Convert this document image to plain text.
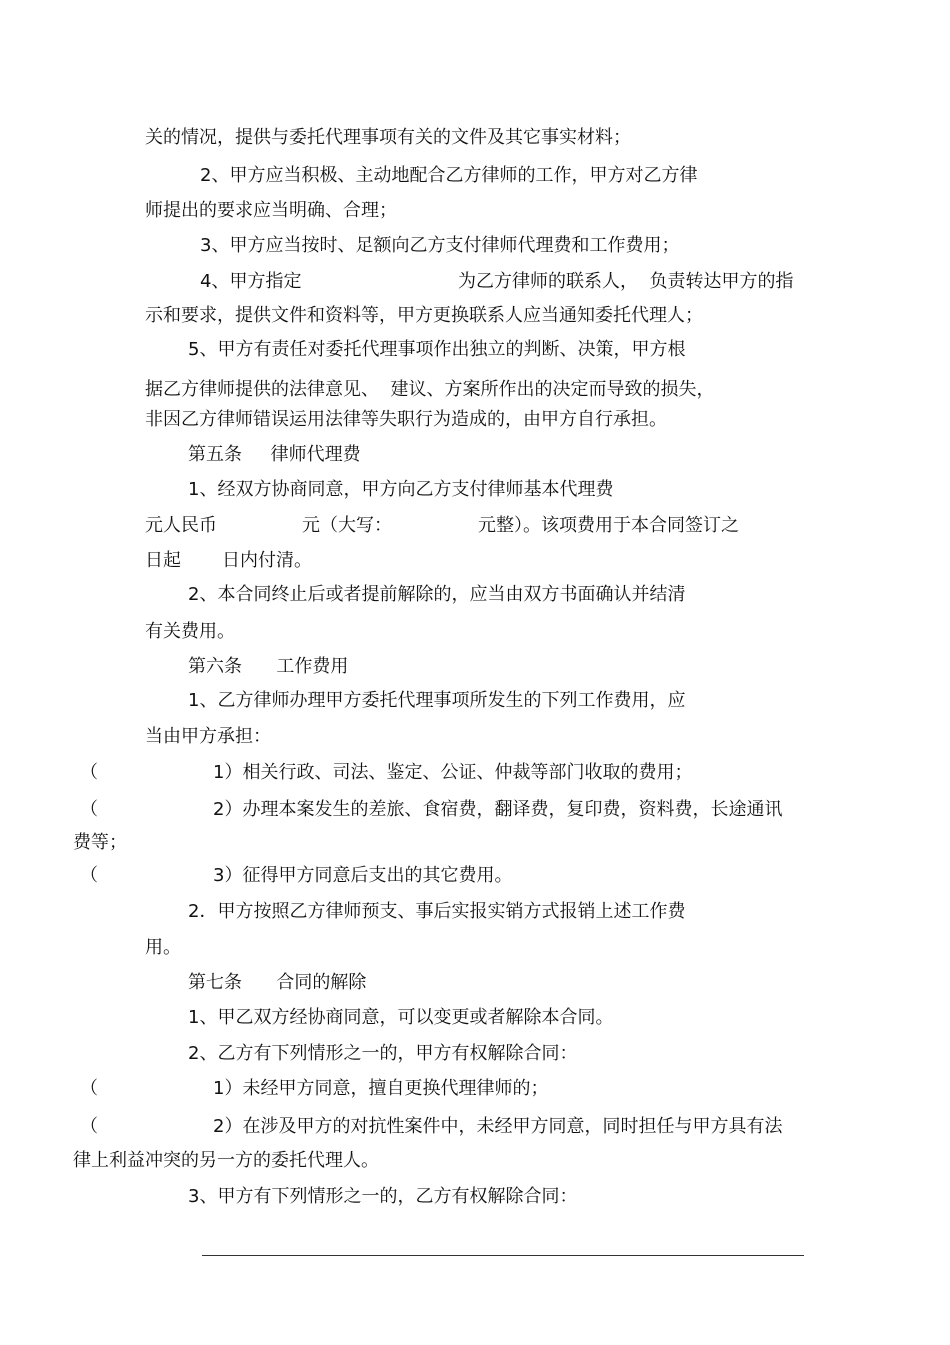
关的情况，提供与委托代理事项有关的文件及其它事实材料；

2、甲方应当积极、主动地配合乙方律师的工作，甲方对乙方律

师提出的要求应当明确、合理；

3、甲方应当按时、足额向乙方支付律师代理费和工作费用；

4、甲方指定	为乙方律师的联系人，  负责转达甲方的指

示和要求，提供文件和资料等，甲方更换联系人应当通知委托代理人；

5、甲方有责任对委托代理事项作出独立的判断、决策，甲方根

据乙方律师提供的法律意见、  建议、方案所作出的决定而导致的损失，

非因乙方律师错误运用法律等失职行为造成的，由甲方自行承担。

第五条     律师代理费

1、经双方协商同意，甲方向乙方支付律师基本代理费

元人民币	元（大写：	元整）。该项费用于本合同签订之

日起 日内付清。

2、本合同终止后或者提前解除的，应当由双方书面确认并结清

有关费用。

第六条      工作费用

1、乙方律师办理甲方委托代理事项所发生的下列工作费用，应

当由甲方承担：

（	1）相关行政、司法、鉴定、公证、仲裁等部门收取的费用；

（	2）办理本案发生的差旅、食宿费，翻译费，复印费，资料费，长途通讯

费等；

（	3）征得甲方同意后支出的其它费用。

2．甲方按照乙方律师预支、事后实报实销方式报销上述工作费

用。

第七条      合同的解除

1、甲乙双方经协商同意，可以变更或者解除本合同。

2、乙方有下列情形之一的，甲方有权解除合同：

（	1）未经甲方同意，擅自更换代理律师的；

（	2）在涉及甲方的对抗性案件中，未经甲方同意，同时担任与甲方具有法

律上利益冲突的另一方的委托代理人。

3、甲方有下列情形之一的，乙方有权解除合同：
